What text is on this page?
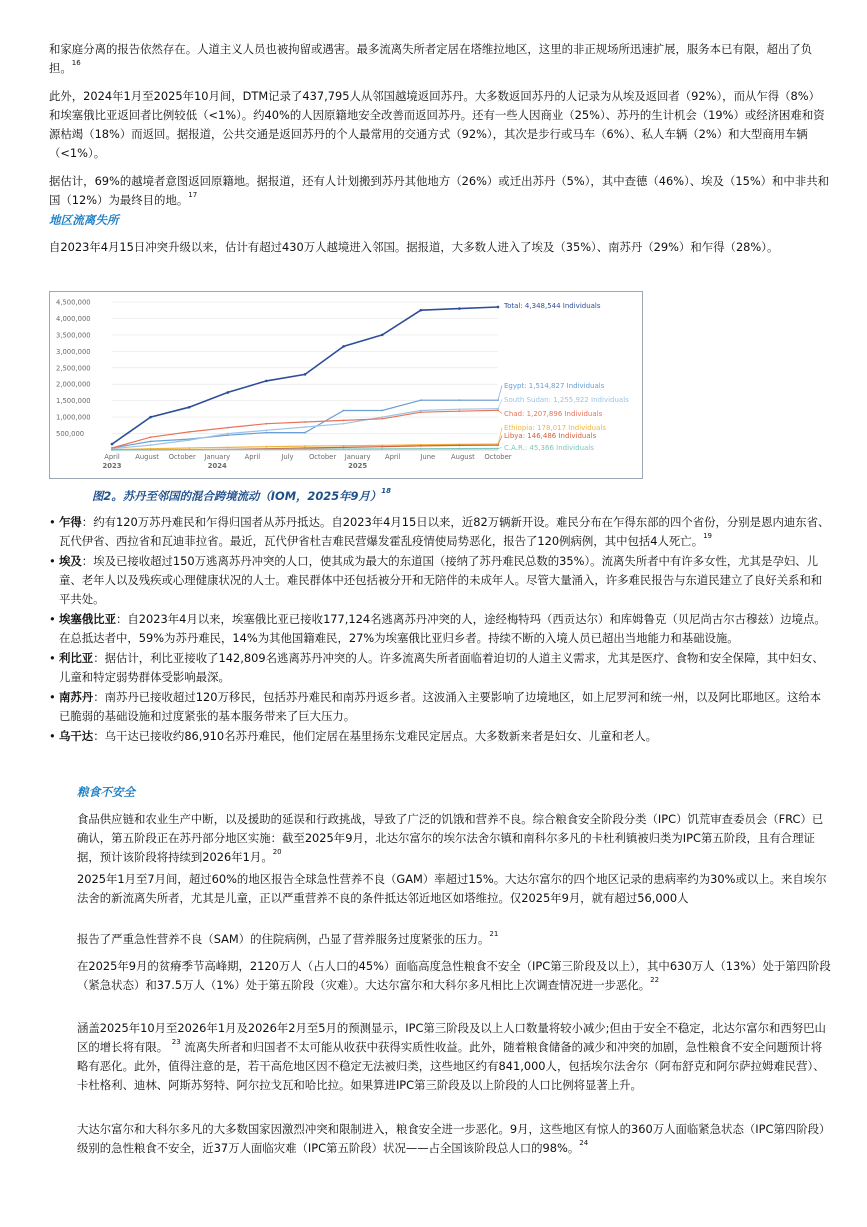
和家庭分离的报告依然存在。人道主义人员也被拘留或遇害。最多流离失所者定居在塔维拉地区，这里的非正规场所迅速扩展，服务本已有限，超出了负担。$^{16}$

此外，2024年1月至2025年10月间，DTM记录了437,795人从邻国越境返回苏丹。大多数返回苏丹的人记录为从埃及返回者（92%），而从乍得（8%）和埃塞俄比亚返回者比例较低（<1%）。约40%的人因原籍地安全改善而返回苏丹。还有一些人因商业（25%）、苏丹的生计机会（19%）或经济困难和资源枯竭（18%）而返回。据报道，公共交通是返回苏丹的个人最常用的交通方式（92%），其次是步行或马车（6%）、私人车辆（2%）和大型商用车辆（<1%）。

据估计，69%的越境者意图返回原籍地。据报道，还有人计划搬到苏丹其他地方（26%）或迁出苏丹（5%），其中查德（46%）、埃及（15%）和中非共和国（12%）为最终目的地。$^{17}$

地区流离失所

自2023年4月15日冲突升级以来，估计有超过430万人越境进入邻国。据报道，大多数人进入了埃及（35%）、南苏丹（29%）和乍得（28%）。

500,000
1,000,000
1,500,000
2,000,000
2,500,000
3,000,000
3,500,000
4,000,000
4,500,000
April August October January April	July October January April	June August October
2023	2024	2025
Total: 4,348,544 Individuals
Egypt: 1,514,827 Individuals
South Sudan: 1,255,922 Individuals
Chad: 1,207,896 Individuals
Ethiopia: 178,017 Individuals
Libya: 146,486 Individuals
C.A.R.: 45,366 Individuals

图2。苏丹至邻国的混合跨境流动（IOM，2025年9月）$^{18}$

• 乍得：约有120万苏丹难民和乍得归国者从苏丹抵达。自2023年4月15日以来，近82万辆新开设。难民分布在乍得东部的四个省份，分别是恩内迪东省、瓦代伊省、西拉省和瓦迪菲拉省。最近，瓦代伊省杜吉难民营爆发霍乱疫情使局势恶化，报告了120例病例，其中包括4人死亡。$^{19}$
• 埃及：埃及已接收超过150万逃离苏丹冲突的人口，使其成为最大的东道国（接纳了苏丹难民总数的35%）。流离失所者中有许多女性，尤其是孕妇、儿童、老年人以及残疾或心理健康状况的人士。难民群体中还包括被分开和无陪伴的未成年人。尽管大量涌入，许多难民报告与东道民建立了良好关系和和平共处。
• 埃塞俄比亚：自2023年4月以来，埃塞俄比亚已接收177,124名逃离苏丹冲突的人，途经梅特玛（西贡达尔）和库姆鲁克（贝尼尚古尔古穆兹）边境点。在总抵达者中，59%为苏丹难民，14%为其他国籍难民，27%为埃塞俄比亚归乡者。持续不断的入境人员已超出当地能力和基础设施。
• 利比亚：据估计，利比亚接收了142,809名逃离苏丹冲突的人。许多流离失所者面临着迫切的人道主义需求，尤其是医疗、食物和安全保障，其中妇女、儿童和特定弱势群体受影响最深。
• 南苏丹：南苏丹已接收超过120万移民，包括苏丹难民和南苏丹返乡者。这波涌入主要影响了边境地区，如上尼罗河和统一州，以及阿比耶地区。这给本已脆弱的基础设施和过度紧张的基本服务带来了巨大压力。
• 乌干达：乌干达已接收约86,910名苏丹难民，他们定居在基里扬东戈难民定居点。大多数新来者是妇女、儿童和老人。

粮食不安全

食品供应链和农业生产中断，以及援助的延误和行政挑战，导致了广泛的饥饿和营养不良。综合粮食安全阶段分类（IPC）饥荒审查委员会（FRC）已确认，第五阶段正在苏丹部分地区实施：截至2025年9月，北达尔富尔的埃尔法舍尔镇和南科尔多凡的卡杜利镇被归类为IPC第五阶段，且有合理证据，预计该阶段将持续到2026年1月。$^{20}$

2025年1月至7月间，超过60%的地区报告全球急性营养不良（GAM）率超过15%。大达尔富尔的四个地区记录的患病率约为30%或以上。来自埃尔法舍的新流离失所者，尤其是儿童，正以严重营养不良的条件抵达邻近地区如塔维拉。仅2025年9月，就有超过56,000人

报告了严重急性营养不良（SAM）的住院病例，凸显了营养服务过度紧张的压力。$^{21}$

在2025年9月的贫瘠季节高峰期，2120万人（占人口的45%）面临高度急性粮食不安全（IPC第三阶段及以上），其中630万人（13%）处于第四阶段（紧急状态）和37.5万人（1%）处于第五阶段（灾难）。大达尔富尔和大科尔多凡相比上次调查情况进一步恶化。$^{22}$

涵盖2025年10月至2026年1月及2026年2月至5月的预测显示，IPC第三阶段及以上人口数量将较小减少;但由于安全不稳定，北达尔富尔和西努巴山区的增长将有限。 $^{23}$ 流离失所者和归国者不太可能从收获中获得实质性收益。此外，随着粮食储备的减少和冲突的加剧，急性粮食不安全问题预计将略有恶化。此外，值得注意的是，若干高危地区因不稳定无法被归类，这些地区约有841,000人，包括埃尔法舍尔（阿布舒克和阿尔萨拉姆难民营）、卡杜格利、迪林、阿斯苏努特、阿尔拉戈瓦和哈比拉。如果算进IPC第三阶段及以上阶段的人口比例将显著上升。

大达尔富尔和大科尔多凡的大多数国家因激烈冲突和限制进入，粮食安全进一步恶化。9月，这些地区有惊人的360万人面临紧急状态（IPC第四阶段）级别的急性粮食不安全，近37万人面临灾难（IPC第五阶段）状况——占全国该阶段总人口的98%。$^{24}$
